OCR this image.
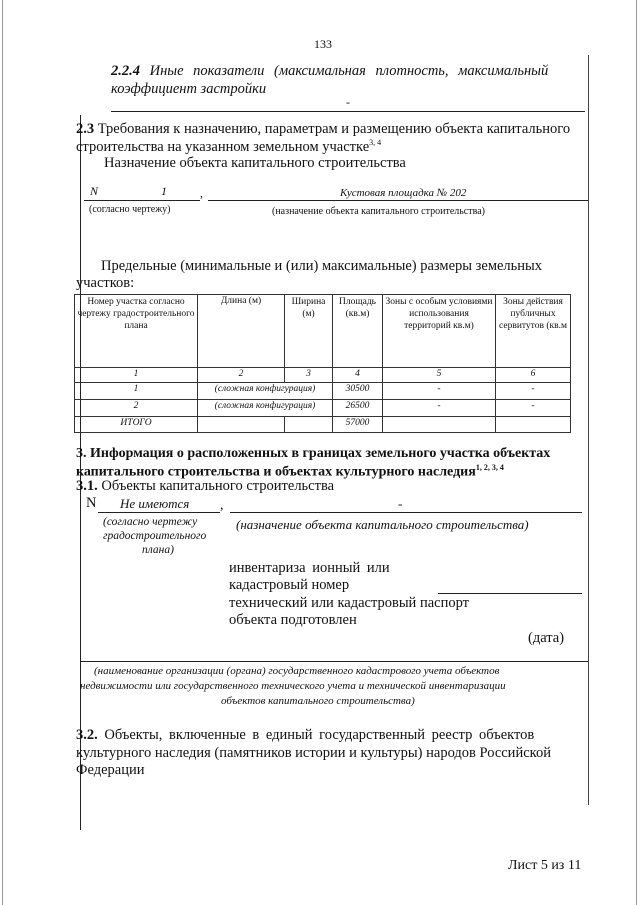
133
2.2.4 Иные показатели (максимальная плотность, максимальный
коэффициент застройки
-
2.3 Требования к назначению, параметрам и размещению объекта капитального
строительства на указанном земельном участке$^{3, 4}$
Назначение объекта капитального строительства
N	1	,	Кустовая площадка № 202
(согласно чертежу)	(назначение объекта капитального строительства)
Предельные (минимальные и (или) максимальные) размеры земельных
участков:
Номер участка согласно чертежу градостроительного плана	Длина (м)	Ширина (м)	Площадь (кв.м)	Зоны с особым условиями использования территорий кв.м)	Зоны действия публичных сервитутов (кв.м
1	2	3	4	5	6
1	(сложная конфигурация)		30500	-	-
2	(сложная конфигурация)		26500	-	-
ИТОГО			57000		
3. Информация о расположенных в границах земельного участка объектах
капитального строительства и объектах культурного наследия$^{1, 2, 3, 4}$
3.1. Объекты капитального строительства
N Не имеются ,	-
(согласно чертежу
градостроительного
плана)
(назначение объекта капитального строительства)
инвентариза ионный или
кадастровый номер
технический или кадастровый паспорт
объекта подготовлен
(дата)
(наименование организации (органа) государственного кадастрового учета объектов
недвижимости или государственного технического учета и технической инвентаризации
объектов капитального строительства)
3.2. Объекты, включенные в единый государственный реестр объектов
культурного наследия (памятников истории и культуры) народов Российской
Федерации
Лист 5 из 11
